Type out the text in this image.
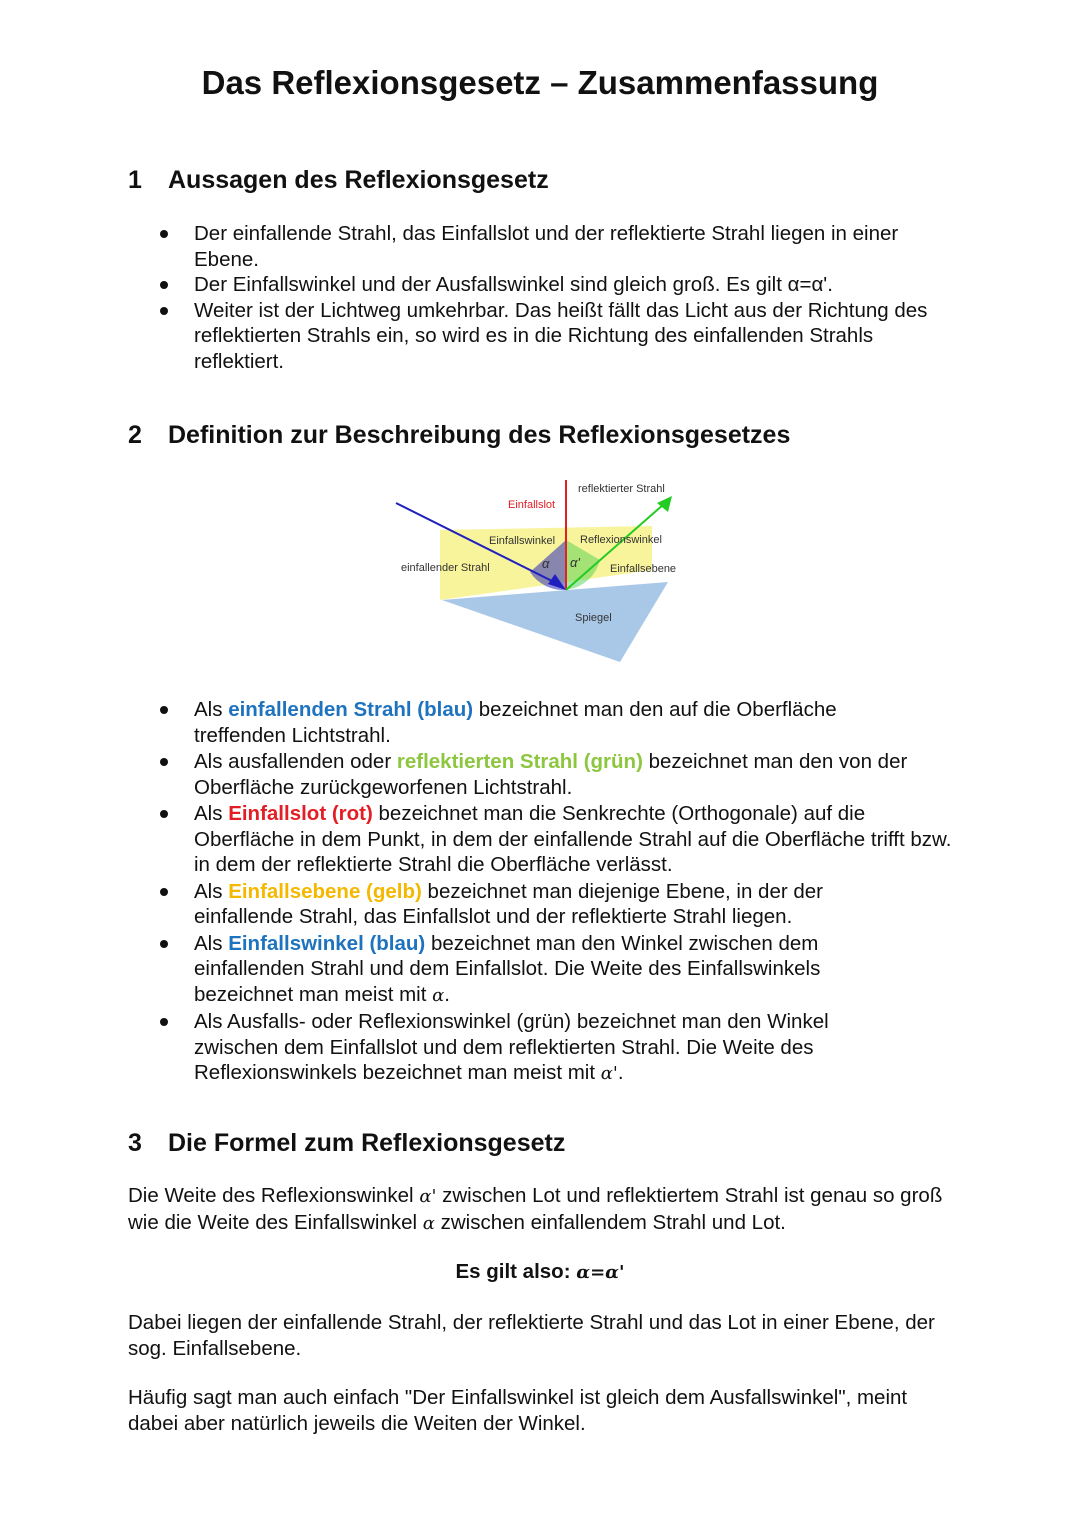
Das Reflexionsgesetz – Zusammenfassung
1 Aussagen des Reflexionsgesetz
Der einfallende Strahl, das Einfallslot und der reflektierte Strahl liegen in einer Ebene.
Der Einfallswinkel und der Ausfallswinkel sind gleich groß. Es gilt α=α'.
Weiter ist der Lichtweg umkehrbar. Das heißt fällt das Licht aus der Richtung des reflektierten Strahls ein, so wird es in die Richtung des einfallenden Strahls reflektiert.
2 Definition zur Beschreibung des Reflexionsgesetzes
reflektierter Strahl
Einfallslot
Einfallswinkel Reflexionswinkel
einfallender Strahl	α α'	Einfallsebene
Spiegel
Als einfallenden Strahl (blau) bezeichnet man den auf die Oberfläche treffenden Lichtstrahl.
Als ausfallenden oder reflektierten Strahl (grün) bezeichnet man den von der Oberfläche zurückgeworfenen Lichtstrahl.
Als Einfallslot (rot) bezeichnet man die Senkrechte (Orthogonale) auf die Oberfläche in dem Punkt, in dem der einfallende Strahl auf die Oberfläche trifft bzw. in dem der reflektierte Strahl die Oberfläche verlässt.
Als Einfallsebene (gelb) bezeichnet man diejenige Ebene, in der der einfallende Strahl, das Einfallslot und der reflektierte Strahl liegen.
Als Einfallswinkel (blau) bezeichnet man den Winkel zwischen dem einfallenden Strahl und dem Einfallslot. Die Weite des Einfallswinkels bezeichnet man meist mit α.
Als Ausfalls- oder Reflexionswinkel (grün) bezeichnet man den Winkel zwischen dem Einfallslot und dem reflektierten Strahl. Die Weite des Reflexionswinkels bezeichnet man meist mit α'.
3 Die Formel zum Reflexionsgesetz

Die Weite des Reflexionswinkel α' zwischen Lot und reflektiertem Strahl ist genau so groß wie die Weite des Einfallswinkel α zwischen einfallendem Strahl und Lot.

Es gilt also: α=α'

Dabei liegen der einfallende Strahl, der reflektierte Strahl und das Lot in einer Ebene, der sog. Einfallsebene.

Häufig sagt man auch einfach "Der Einfallswinkel ist gleich dem Ausfallswinkel", meint dabei aber natürlich jeweils die Weiten der Winkel.
